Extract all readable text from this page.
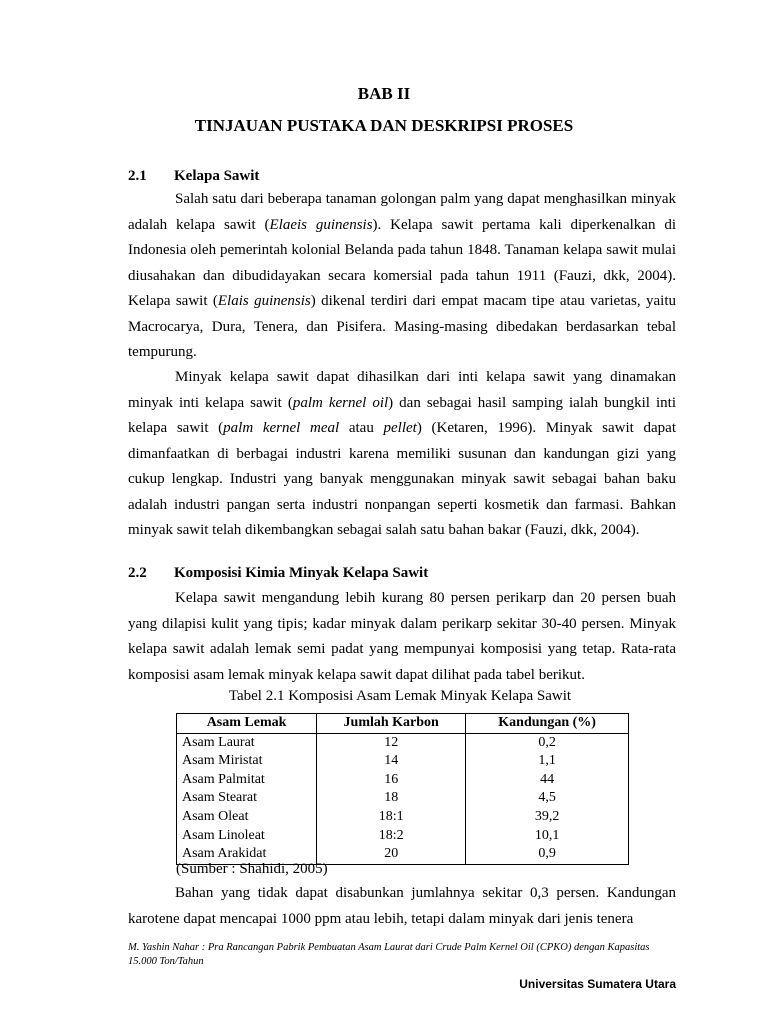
BAB II
TINJAUAN PUSTAKA DAN DESKRIPSI PROSES
2.1 Kelapa Sawit

Salah satu dari beberapa tanaman golongan palm yang dapat menghasilkan minyak adalah kelapa sawit (Elaeis guinensis). Kelapa sawit pertama kali diperkenalkan di Indonesia oleh pemerintah kolonial Belanda pada tahun 1848. Tanaman kelapa sawit mulai diusahakan dan dibudidayakan secara komersial pada tahun 1911 (Fauzi, dkk, 2004). Kelapa sawit (Elais guinensis) dikenal terdiri dari empat macam tipe atau varietas, yaitu Macrocarya, Dura, Tenera, dan Pisifera. Masing-masing dibedakan berdasarkan tebal tempurung.

Minyak kelapa sawit dapat dihasilkan dari inti kelapa sawit yang dinamakan minyak inti kelapa sawit (palm kernel oil) dan sebagai hasil samping ialah bungkil inti kelapa sawit (palm kernel meal atau pellet) (Ketaren, 1996). Minyak sawit dapat dimanfaatkan di berbagai industri karena memiliki susunan dan kandungan gizi yang cukup lengkap. Industri yang banyak menggunakan minyak sawit sebagai bahan baku adalah industri pangan serta industri nonpangan seperti kosmetik dan farmasi. Bahkan minyak sawit telah dikembangkan sebagai salah satu bahan bakar (Fauzi, dkk, 2004).

2.2 Komposisi Kimia Minyak Kelapa Sawit

Kelapa sawit mengandung lebih kurang 80 persen perikarp dan 20 persen buah yang dilapisi kulit yang tipis; kadar minyak dalam perikarp sekitar 30-40 persen. Minyak kelapa sawit adalah lemak semi padat yang mempunyai komposisi yang tetap. Rata-rata komposisi asam lemak minyak kelapa sawit dapat dilihat pada tabel berikut.

Tabel 2.1 Komposisi Asam Lemak Minyak Kelapa Sawit
Asam Lemak	Jumlah Karbon	Kandungan (%)
Asam Laurat	12	0,2
Asam Miristat	14	1,1
Asam Palmitat	16	44
Asam Stearat	18	4,5
Asam Oleat	18:1	39,2
Asam Linoleat	18:2	10,1
Asam Arakidat	20	0,9
(Sumber : Shahidi, 2005)

Bahan yang tidak dapat disabunkan jumlahnya sekitar 0,3 persen. Kandungan karotene dapat mencapai 1000 ppm atau lebih, tetapi dalam minyak dari jenis tenera

M. Yashin Nahar : Pra Rancangan Pabrik Pembuatan Asam Laurat dari Crude Palm Kernel Oil (CPKO) dengan Kapasitas 15.000 Ton/Tahun
Universitas Sumatera Utara
